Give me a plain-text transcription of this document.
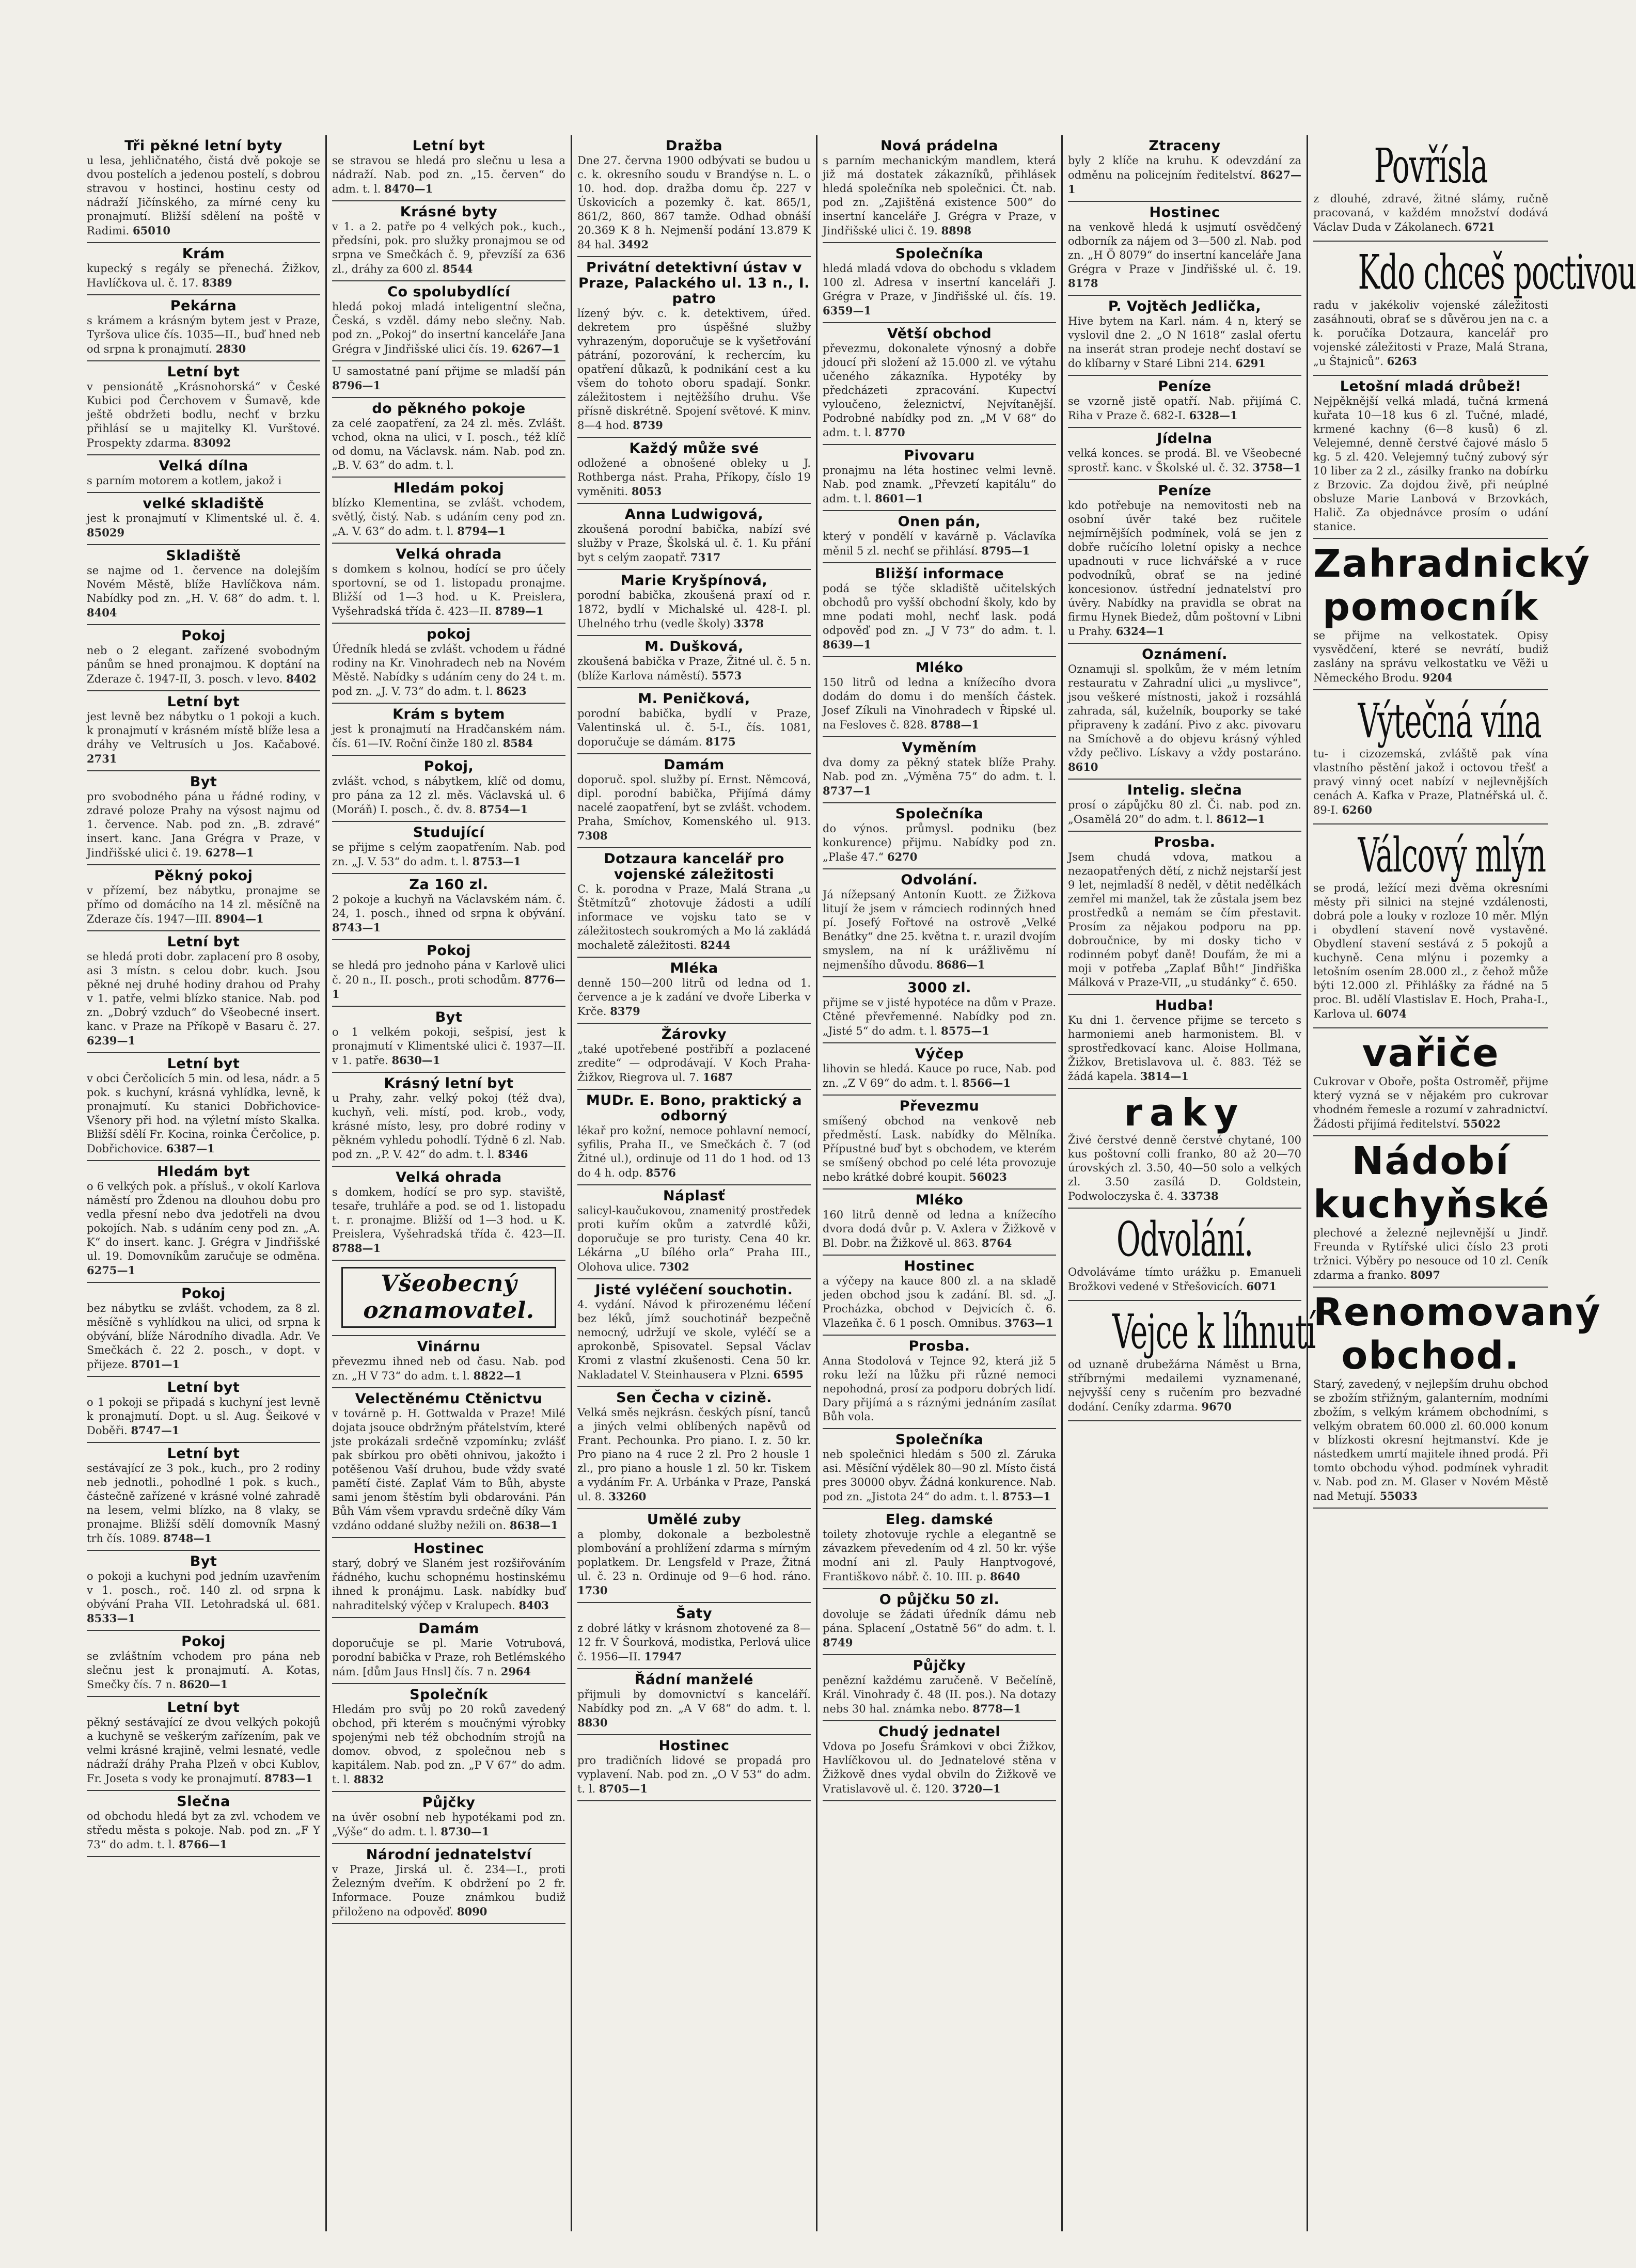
Tři pěkné letní byty
u lesa, jehličnatého, čistá dvě pokoje se dvou postelích a jedenou postelí, s dobrou stravou v hostinci, hostinu cesty od nádraží Jičínského, za mírné ceny ku pronajmutí. Bližší sdělení na poště v Radimi. 65010
Krám
kupecký s regály se přenechá. Žižkov, Havlíčkova ul. č. 17. 8389
Pekárna
s krámem a krásným bytem jest v Praze, Tyršova ulice čís. 1035—II., buď hned neb od srpna k pronajmutí. 2830
Letní byt
v pensionátě „Krásnohorská“ v České Kubici pod Čerchovem v Šumavě, kde ještě obdržeti bodlu, nechť v brzku přihlásí se u majitelky Kl. Vurštové. Prospekty zdarma. 83092
Velká dílna
s parním motorem a kotlem, jakož i
velké skladiště
jest k pronajmutí v Klimentské ul. č. 4. 85029
Skladiště
se najme od 1. července na dolejším Novém Městě, blíže Havlíčkova nám. Nabídky pod zn. „H. V. 68“ do adm. t. l. 8404
Pokoj
neb o 2 elegant. zařízené svobodným pánům se hned pronajmou. K doptání na Zderaze č. 1947-II, 3. posch. v levo. 8402
Letní byt
jest levně bez nábytku o 1 pokoji a kuch. k pronajmutí v krásném místě blíže lesa a dráhy ve Veltrusích u Jos. Kačabové. 2731
Byt
pro svobodného pána u řádné rodiny, v zdravé poloze Prahy na výsost najmu od 1. července. Nab. pod zn. „B. zdravé“ insert. kanc. Jana Grégra v Praze, v Jindřišské ulici č. 19. 6278—1
Pěkný pokoj
v přízemí, bez nábytku, pronajme se přímo od domácího na 14 zl. měsíčně na Zderaze čís. 1947—III. 8904—1
Letní byt
se hledá proti dobr. zaplacení pro 8 osoby, asi 3 místn. s celou dobr. kuch. Jsou pěkné nej druhé hodiny drahou od Prahy v 1. patře, velmi blízko stanice. Nab. pod zn. „Dobrý vzduch“ do Všeobecné insert. kanc. v Praze na Příkopě v Basaru č. 27. 6239—1
Letní byt
v obci Čerčolicích 5 min. od lesa, nádr. a 5 pok. s kuchyní, krásná vyhlídka, levně, k pronajmutí. Ku stanici Dobřichovice-Všenory při hod. na výletní místo Skalka. Bližší sdělí Fr. Kocina, roinka Čerčolice, p. Dobřichovice. 6387—1
Hledám byt
o 6 velkých pok. a přísluš., v okolí Karlova náměstí pro Ždenou na dlouhou dobu pro vedla přesní nebo dva jedotřeli na dvou pokojích. Nab. s udáním ceny pod zn. „A. K“ do insert. kanc. J. Grégra v Jindřišské ul. 19. Domovníkům zaručuje se odměna. 6275—1
Pokoj
bez nábytku se zvlášt. vchodem, za 8 zl. měsíčně s vyhlídkou na ulici, od srpna k obývání, blíže Národního divadla. Adr. Ve Smečkách č. 22 2. posch., v dopt. v přijeze. 8701—1
Letní byt
o 1 pokoji se připadá s kuchyní jest levně k pronajmutí. Dopt. u sl. Aug. Šeikové v Doběři. 8747—1
Letní byt
sestávající ze 3 pok., kuch., pro 2 rodiny neb jednotli., pohodlné 1 pok. s kuch., částečně zařízené v krásné volné zahradě na lesem, velmi blízko, na 8 vlaky, se pronajme. Bližší sdělí domovník Masný trh čís. 1089. 8748—1
Byt
o pokoji a kuchyni pod jedním uzavřením v 1. posch., roč. 140 zl. od srpna k obývání Praha VII. Letohradská ul. 681. 8533—1
Pokoj
se zvláštním vchodem pro pána neb slečnu jest k pronajmutí. A. Kotas, Smečky čís. 7 n. 8620—1
Letní byt
pěkný sestávající ze dvou velkých pokojů a kuchyně se veškerým zařízením, pak ve velmi krásné krajině, velmi lesnaté, vedle nádraží dráhy Praha Plzeň v obci Kublov, Fr. Joseta s vody ke pronajmutí. 8783—1
Slečna
od obchodu hledá byt za zvl. vchodem ve středu města s pokoje. Nab. pod zn. „F Y 73“ do adm. t. l. 8766—1
Letní byt
se stravou se hledá pro slečnu u lesa a nádraží. Nab. pod zn. „15. červen“ do adm. t. l. 8470—1
Krásné byty
v 1. a 2. patře po 4 velkých pok., kuch., předsíni, pok. pro služky pronajmou se od srpna ve Smečkách č. 9, převzíší za 636 zl., dráhy za 600 zl. 8544
Co spolubydlící
hledá pokoj mladá inteligentní slečna, Česká, s vzděl. dámy nebo slečny. Nab. pod zn. „Pokoj“ do insertní kanceláře Jana Grégra v Jindřišské ulici čís. 19. 6267—1
U samostatné paní přijme se mladší pán 8796—1
do pěkného pokoje
za celé zaopatření, za 24 zl. měs. Zvlášt. vchod, okna na ulici, v I. posch., též klíč od domu, na Václavsk. nám. Nab. pod zn. „B. V. 63“ do adm. t. l.
Hledám pokoj
blízko Klementina, se zvlášt. vchodem, světlý, čistý. Nab. s udáním ceny pod zn. „A. V. 63“ do adm. t. l. 8794—1
Velká ohrada
s domkem s kolnou, hodící se pro účely sportovní, se od 1. listopadu pronajme. Bližší od 1—3 hod. u K. Preislera, Vyšehradská třída č. 423—II. 8789—1
pokoj
Úředník hledá se zvlášt. vchodem u řádné rodiny na Kr. Vinohradech neb na Novém Městě. Nabídky s udáním ceny do 24 t. m. pod zn. „J. V. 73“ do adm. t. l. 8623
Krám s bytem
jest k pronajmutí na Hradčanském nám. čís. 61—IV. Roční činže 180 zl. 8584
Pokoj,
zvlášt. vchod, s nábytkem, klíč od domu, pro pána za 12 zl. měs. Václavská ul. 6 (Moráň) I. posch., č. dv. 8. 8754—1
Studující
se přijme s celým zaopatřením. Nab. pod zn. „J. V. 53“ do adm. t. l. 8753—1
Za 160 zl.
2 pokoje a kuchyň na Václavském nám. č. 24, 1. posch., ihned od srpna k obývání. 8743—1
Pokoj
se hledá pro jednoho pána v Karlově ulici č. 20 n., II. posch., proti schodům. 8776—1
Byt
o 1 velkém pokoji, sešpisí, jest k pronajmutí v Klimentské ulici č. 1937—II. v 1. patře. 8630—1
Krásný letní byt
u Prahy, zahr. velký pokoj (též dva), kuchyň, veli. místí, pod. krob., vody, krásné místo, lesy, pro dobré rodiny v pěkném vyhledu pohodlí. Týdně 6 zl. Nab. pod zn. „P. V. 42“ do adm. t. l. 8346
Velká ohrada
s domkem, hodící se pro syp. staviště, tesaře, truhláře a pod. se od 1. listopadu t. r. pronajme. Bližší od 1—3 hod. u K. Preislera, Vyšehradská třída č. 423—II. 8788—1
Všeobecný oznamovatel.
Vinárnu
převezmu ihned neb od času. Nab. pod zn. „H V 73“ do adm. t. l. 8822—1
Velectěnému Ctěnictvu
v továrně p. H. Gottwalda v Praze! Milé dojata jsouce obdržným přátelstvím, které jste prokázali srdečně vzpomínku; zvlášť pak sbírkou pro oběti ohnivou, jakožto i potěšenou Vaší druhou, bude vždy svaté pamětí čisté. Zaplať Vám to Bůh, abyste sami jenom štěstím byli obdarováni. Pán Bůh Vám všem vpravdu srdečně díky Vám vzdáno oddané služby nežili on. 8638—1
Hostinec
starý, dobrý ve Slaném jest rozšiřováním řádného, kuchu schopnému hostinskému ihned k pronájmu. Lask. nabídky buď nahraditelský výčep v Kralupech. 8403
Damám
doporučuje se pl. Marie Votrubová, porodní babička v Praze, roh Betlémského nám. [dům Jaus Hnsl] čís. 7 n. 2964
Společník
Hledám pro svůj po 20 roků zavedený obchod, při kterém s moučnými výrobky spojenými neb též obchodním strojů na domov. obvod, z společnou neb s kapitálem. Nab. pod zn. „P V 67“ do adm. t. l. 8832
Půjčky
na úvěr osobní neb hypotékami pod zn. „Výše“ do adm. t. l. 8730—1
Národní jednatelství
v Praze, Jirská ul. č. 234—I., proti Železným dveřím. K obdržení po 2 fr. Informace. Pouze známkou budiž přiloženo na odpověď. 8090
Dražba
Dne 27. června 1900 odbývati se budou u c. k. okresního soudu v Brandýse n. L. o 10. hod. dop. dražba domu čp. 227 v Úskovicích a pozemky č. kat. 865/1, 861/2, 860, 867 tamže. Odhad obnáší 20.369 K 8 h. Nejmenší podání 13.879 K 84 hal. 3492
Privátní detektivní ústav v Praze, Palackého ul. 13 n., I. patro
lízený býv. c. k. detektivem, úřed. dekretem pro úspěšné služby vyhrazeným, doporučuje se k vyšetřování pátrání, pozorování, k rechercím, ku opatření důkazů, k podnikání cest a ku všem do tohoto oboru spadají. Sonkr. záležitostem i nejtěžšího druhu. Vše přísně diskrétně. Spojení světové. K minv. 8—4 hod. 8739
Každý může své
odložené a obnošené obleky u J. Rothberga nást. Praha, Příkopy, číslo 19 vyměniti. 8053
Anna Ludwigová,
zkoušená porodní babička, nabízí své služby v Praze, Školská ul. č. 1. Ku přání byt s celým zaopatř. 7317
Marie Kryšpínová,
porodní babička, zkoušená praxí od r. 1872, bydlí v Michalské ul. 428-I. pl. Uhelného trhu (vedle školy) 3378
M. Dušková,
zkoušená babička v Praze, Žitné ul. č. 5 n. (blíže Karlova náměstí). 5573
M. Peničková,
porodní babička, bydlí v Praze, Valentinská ul. č. 5-I., čís. 1081, doporučuje se dámám. 8175
Damám
doporuč. spol. služby pí. Ernst. Němcová, dipl. porodní babička, Přijímá dámy nacelé zaopatření, byt se zvlášt. vchodem. Praha, Smíchov, Komenského ul. 913. 7308
Dotzaura kancelář pro vojenské záležitosti
C. k. porodna v Praze, Malá Strana „u Štětmítzů“ zhotovuje žádosti a udílí informace ve vojsku tato se v záležitostech soukromých a Mo lá zakládá mochaletě záležitosti. 8244
Mléka
denně 150—200 litrů od ledna od 1. července a je k zadání ve dvoře Liberka v Krče. 8379
Žárovky
„také upotřebené postřibří a pozlacené zredite“ — odprodávají. V Koch Praha-Žižkov, Riegrova ul. 7. 1687
MUDr. E. Bono, praktický a odborný
lékař pro kožní, nemoce pohlavní nemocí, syfilis, Praha II., ve Smečkách č. 7 (od Žitné ul.), ordinuje od 11 do 1 hod. od 13 do 4 h. odp. 8576
Náplasť
salicyl-kaučukovou, znamenitý prostředek proti kuřím okům a zatvrdlé kůži, doporučuje se pro turisty. Cena 40 kr. Lékárna „U bílého orla“ Praha III., Olohova ulice. 7302
Jisté vyléčení souchotin.
4. vydání. Návod k přirozenému léčení bez léků, jímž souchotinář bezpečně nemocný, udržují ve skole, vyléčí se a aprokonbě, Spisovatel. Sepsal Václav Kromi z vlastní zkušenosti. Cena 50 kr. Nakladatel V. Steinhausera v Plzni. 6595
Sen Čecha v cizině.
Velká směs nejkrásn. českých písní, tanců a jiných velmi oblíbených napěvů od Frant. Pechounka. Pro piano. I. z. 50 kr. Pro piano na 4 ruce 2 zl. Pro 2 housle 1 zl., pro piano a housle 1 zl. 50 kr. Tiskem a vydáním Fr. A. Urbánka v Praze, Panská ul. 8. 33260
Umělé zuby
a plomby, dokonale a bezbolestně plombování a prohlížení zdarma s mírným poplatkem. Dr. Lengsfeld v Praze, Žitná ul. č. 23 n. Ordinuje od 9—6 hod. ráno. 1730
Šaty
z dobré látky v krásnom zhotovené za 8—12 fr. V Šourková, modistka, Perlová ulice č. 1956—II. 17947
Řádní manželé
přijmuli by domovnictví s kanceláří. Nabídky pod zn. „A V 68“ do adm. t. l. 8830
Hostinec
pro tradičních lidové se propadá pro vyplavení. Nab. pod zn. „O V 53“ do adm. t. l. 8705—1
Nová prádelna
s parním mechanickým mandlem, která již má dostatek zákazníků, přihlásek hledá společníka neb společnici. Čt. nab. pod zn. „Zajištěná existence 500“ do insertní kanceláře J. Grégra v Praze, v Jindřišské ulici č. 19. 8898
Společníka
hledá mladá vdova do obchodu s vkladem 100 zl. Adresa v insertní kanceláři J. Grégra v Praze, v Jindřišské ul. čís. 19. 6359—1
Větší obchod
převezmu, dokonalete výnosný a dobře jdoucí při složení až 15.000 zl. ve výtahu učeného zákazníka. Hypotéky by předcházeti zpracování. Kupectví vyloučeno, železnictví, Nejvítanější. Podrobné nabídky pod zn. „M V 68“ do adm. t. l. 8770
Pivovaru
pronajmu na léta hostinec velmi levně. Nab. pod znamk. „Převzetí kapitálu“ do adm. t. l. 8601—1
Onen pán,
který v pondělí v kavárně p. Václavíka měnil 5 zl. nechť se přihlásí. 8795—1
Bližší informace
podá se týče skladiště učitelských obchodů pro vyšší obchodní školy, kdo by mne podati mohl, nechť lask. podá odpověď pod zn. „J V 73“ do adm. t. l. 8639—1
Mléko
150 litrů od ledna a knížecího dvora dodám do domu i do menších částek. Josef Zíkuli na Vinohradech v Řipské ul. na Fesloves č. 828. 8788—1
Vyměním
dva domy za pěkný statek blíže Prahy. Nab. pod zn. „Výměna 75“ do adm. t. l. 8737—1
Společníka
do výnos. průmysl. podniku (bez konkurence) přijmu. Nabídky pod zn. „Plaše 47.“ 6270
Odvolání.
Já nížepsaný Antonín Kuott. ze Žižkova litují že jsem v rámciech rodinných hned pí. Josefý Fořtové na ostrově „Velké Benátky“ dne 25. května t. r. urazil dvojím smyslem, na ní k urážlivěmu ní nejmenšího důvodu. 8686—1
3000 zl.
přijme se v jisté hypotéce na dům v Praze. Ctěné převřemenné. Nabídky pod zn. „Jisté 5“ do adm. t. l. 8575—1
Výčep
lihovin se hledá. Kauce po ruce, Nab. pod zn. „Z V 69“ do adm. t. l. 8566—1
Převezmu
smíšený obchod na venkově neb předměstí. Lask. nabídky do Mělníka. Přípustné buď byt s obchodem, ve kterém se smíšený obchod po celé léta provozuje nebo krátké dobré koupit. 56023
Mléko
160 litrů denně od ledna a knížecího dvora dodá dvůr p. V. Axlera v Žižkově v Bl. Dobr. na Žižkově ul. 863. 8764
Hostinec
a výčepy na kauce 800 zl. a na skladě jeden obchod jsou k zadání. Bl. sd. „J. Procházka, obchod v Dejvicích č. 6. Vlazeňka č. 6 1 posch. Omnibus. 3763—1
Prosba.
Anna Stodolová v Tejnce 92, která již 5 roku leží na lůžku při různé nemoci nepohodná, prosí za podporu dobrých lidí. Dary přijímá a s ráznými jednáním zasílat Bůh vola.
Společníka
neb společnici hledám s 500 zl. Záruka asi. Měsíční výdělek 80—90 zl. Místo čistá pres 30000 obyv. Žádná konkurence. Nab. pod zn. „Jistota 24“ do adm. t. l. 8753—1
Eleg. damské
toilety zhotovuje rychle a elegantně se závazkem převedením od 4 zl. 50 kr. výše modní ani zl. Pauly Hanptvogové, Františkovo nábř. č. 10. III. p. 8640
O půjčku 50 zl.
dovoluje se žádati úředník dámu neb pána. Splacení „Ostatně 56“ do adm. t. l. 8749
Půjčky
penězní každému zaručeně. V Bečelíně, Král. Vinohrady č. 48 (II. pos.). Na dotazy nebs 30 hal. známka nebo. 8778—1
Chudý jednatel
Vdova po Josefu Šrámkovi v obci Žižkov, Havlíčkovou ul. do Jednatelové stěna v Žižkově dnes vydal obviln do Žižkově ve Vratislavově ul. č. 120. 3720—1
Ztraceny
byly 2 klíče na kruhu. K odevzdání za odměnu na policejním ředitelství. 8627—1
Hostinec
na venkově hledá k usjmutí osvědčený odborník za nájem od 3—500 zl. Nab. pod zn. „H Ö 8079“ do insertní kanceláře Jana Grégra v Praze v Jindřišské ul. č. 19. 8178
P. Vojtěch Jedlička,
Hive bytem na Karl. nám. 4 n, který se vyslovil dne 2. „O N 1618“ zaslal ofertu na inserát stran prodeje nechť dostaví se do klíbarny v Staré Libni 214. 6291
Peníze
se vzorně jistě opatří. Nab. přijímá C. Riha v Praze č. 682-I. 6328—1
Jídelna
velká konces. se prodá. Bl. ve Všeobecné sprostř. kanc. v Školské ul. č. 32. 3758—1
Peníze
kdo potřebuje na nemovitosti neb na osobní úvěr také bez ručitele nejmírnějších podmínek, volá se jen z dobře ručícího loletní opisky a nechce upadnouti v ruce lichvářské a v ruce podvodníků, obrať se na jediné koncesionov. ústřední jednatelství pro úvěry. Nabídky na pravidla se obrat na firmu Hynek Biedež, dům poštovní v Libni u Prahy. 6324—1
Oznámení.
Oznamuji sl. spolkům, že v mém letním restauratu v Zahradní ulici „u myslivce“, jsou veškeré místnosti, jakož i rozsáhlá zahrada, sál, kuželník, bouporky se také připraveny k zadání. Pivo z akc. pivovaru na Smíchově a do objevu krásný výhled vždy pečlivo. Lískavy a vždy postaráno. 8610
Intelig. slečna
prosí o zápůjčku 80 zl. Či. nab. pod zn. „Osamělá 20“ do adm. t. l. 8612—1
Prosba.
Jsem chudá vdova, matkou a nezaopatřených dětí, z nichž nejstarší jest 9 let, nejmladší 8 neděl, v dětit nedělkách zemřel mi manžel, tak že zůstala jsem bez prostředků a nemám se čím přestavit. Prosím za nějakou podporu na pp. dobroučnice, by mi dosky ticho v rodinném pobyť daně! Doufám, že mi a moji v potřeba „Zaplať Bůh!“ Jindřiška Málková v Praze-VII, „u studánky“ č. 650.
Hudba!
Ku dni 1. července přijme se terceto s harmoniemi aneb harmonistem. Bl. v sprostředkovací kanc. Aloise Hollmana, Žižkov, Bretislavova ul. č. 883. Též se žádá kapela. 3814—1
raky
Živé čerstvé denně čerstvé chytané, 100 kus poštovní colli franko, 80 až 20—70 úrovských zl. 3.50, 40—50 solo a velkých zl. 3.50 zasílá D. Goldstein, Podwoloczyska č. 4. 33738
Odvolání.
Odvoláváme tímto urážku p. Emanueli Brožkovi vedené v Střešovicích. 6071
Vejce k líhnutí
od uznaně drubežárna Náměst u Brna, stříbrnými medailemi vyznamenané, nejvyšší ceny s ručením pro bezvadné dodání. Ceníky zdarma. 9670
Povřísla
z dlouhé, zdravé, žitné slámy, ručně pracovaná, v každém množství dodává Václav Duda v Zákolanech. 6721
Kdo chceš poctivou
radu v jakékoliv vojenské záležitosti zasáhnouti, obrať se s důvěrou jen na c. a k. poručíka Dotzaura, kancelář pro vojenské záležitosti v Praze, Malá Strana, „u Štajniců“. 6263
Letošní mladá drůbež!
Nejpěknější velká mladá, tučná krmená kuřata 10—18 kus 6 zl. Tučné, mladé, krmené kachny (6—8 kusů) 6 zl. Velejemné, denně čerstvé čajové máslo 5 kg. 5 zl. 420. Velejemný tučný zubový sýr 10 liber za 2 zl., zásilky franko na dobírku z Brzovic. Za dojdou živě, při neúplné obsluze Marie Lanbová v Brzovkách, Halič. Za objednávce prosím o udání stanice.
Zahradnický pomocník
se přijme na velkostatek. Opisy vysvědčení, které se nevrátí, budiž zaslány na správu velkostatku ve Věži u Německého Brodu. 9204
Výtečná vína
tu- i cizozemská, zvláště pak vína vlastního pěstění jakož i octovou třešť a pravý vinný ocet nabízí v nejlevnějších cenách A. Kafka v Praze, Platnéřská ul. č. 89-I. 6260
Válcový mlýn
se prodá, ležící mezi dvěma okresními městy při silnici na stejné vzdálenosti, dobrá pole a louky v rozloze 10 měr. Mlýn i obydlení stavení nově vystavěné. Obydlení stavení sestává z 5 pokojů a kuchyně. Cena mlýnu i pozemky a letošním osením 28.000 zl., z čehož může býti 12.000 zl. Přihlášky za řádné na 5 proc. Bl. udělí Vlastislav E. Hoch, Praha-I., Karlova ul. 6074
vařiče
Cukrovar v Oboře, pošta Ostroměř, přijme který vyzná se v nějakém pro cukrovar vhodném řemesle a rozumí v zahradnictví. Žádosti přijímá ředitelství. 55022
Nádobí kuchyňské
plechové a železné nejlevnější u Jindř. Freunda v Rytířské ulici číslo 23 proti tržnici. Výběry po nesouce od 10 zl. Ceník zdarma a franko. 8097
Renomovaný obchod.
Starý, zavedený, v nejlepším druhu obchod se zbožím střižným, galanterním, modními zbožím, s velkým krámem obchodními, s velkým obratem 60.000 zl. 60.000 konum v blízkosti okresní hejtmanství. Kde je nástedkem umrtí majitele ihned prodá. Při tomto obchodu výhod. podmínek vyhradit v. Nab. pod zn. M. Glaser v Novém Městě nad Metují. 55033
